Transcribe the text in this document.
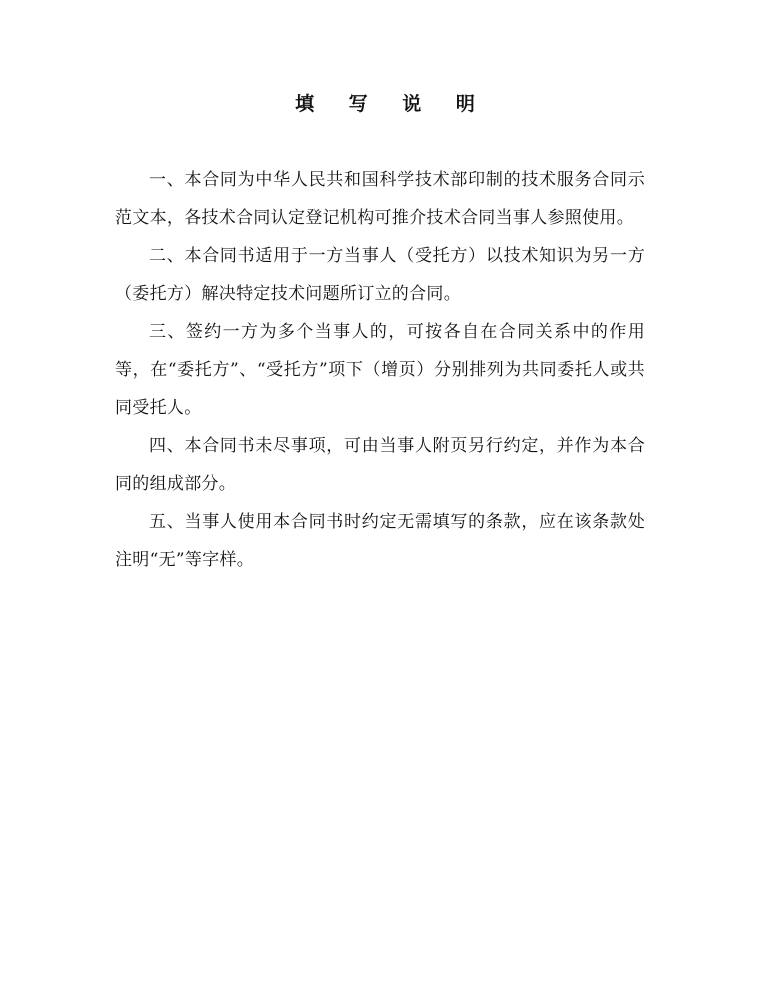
填 写 说 明

一、本合同为中华人民共和国科学技术部印制的技术服务合同示范文本，各技术合同认定登记机构可推介技术合同当事人参照使用。

二、本合同书适用于一方当事人（受托方）以技术知识为另一方（委托方）解决特定技术问题所订立的合同。

三、签约一方为多个当事人的，可按各自在合同关系中的作用等，在“委托方”、“受托方”项下（增页）分别排列为共同委托人或共同受托人。

四、本合同书未尽事项，可由当事人附页另行约定，并作为本合同的组成部分。

五、当事人使用本合同书时约定无需填写的条款，应在该条款处注明“无”等字样。
